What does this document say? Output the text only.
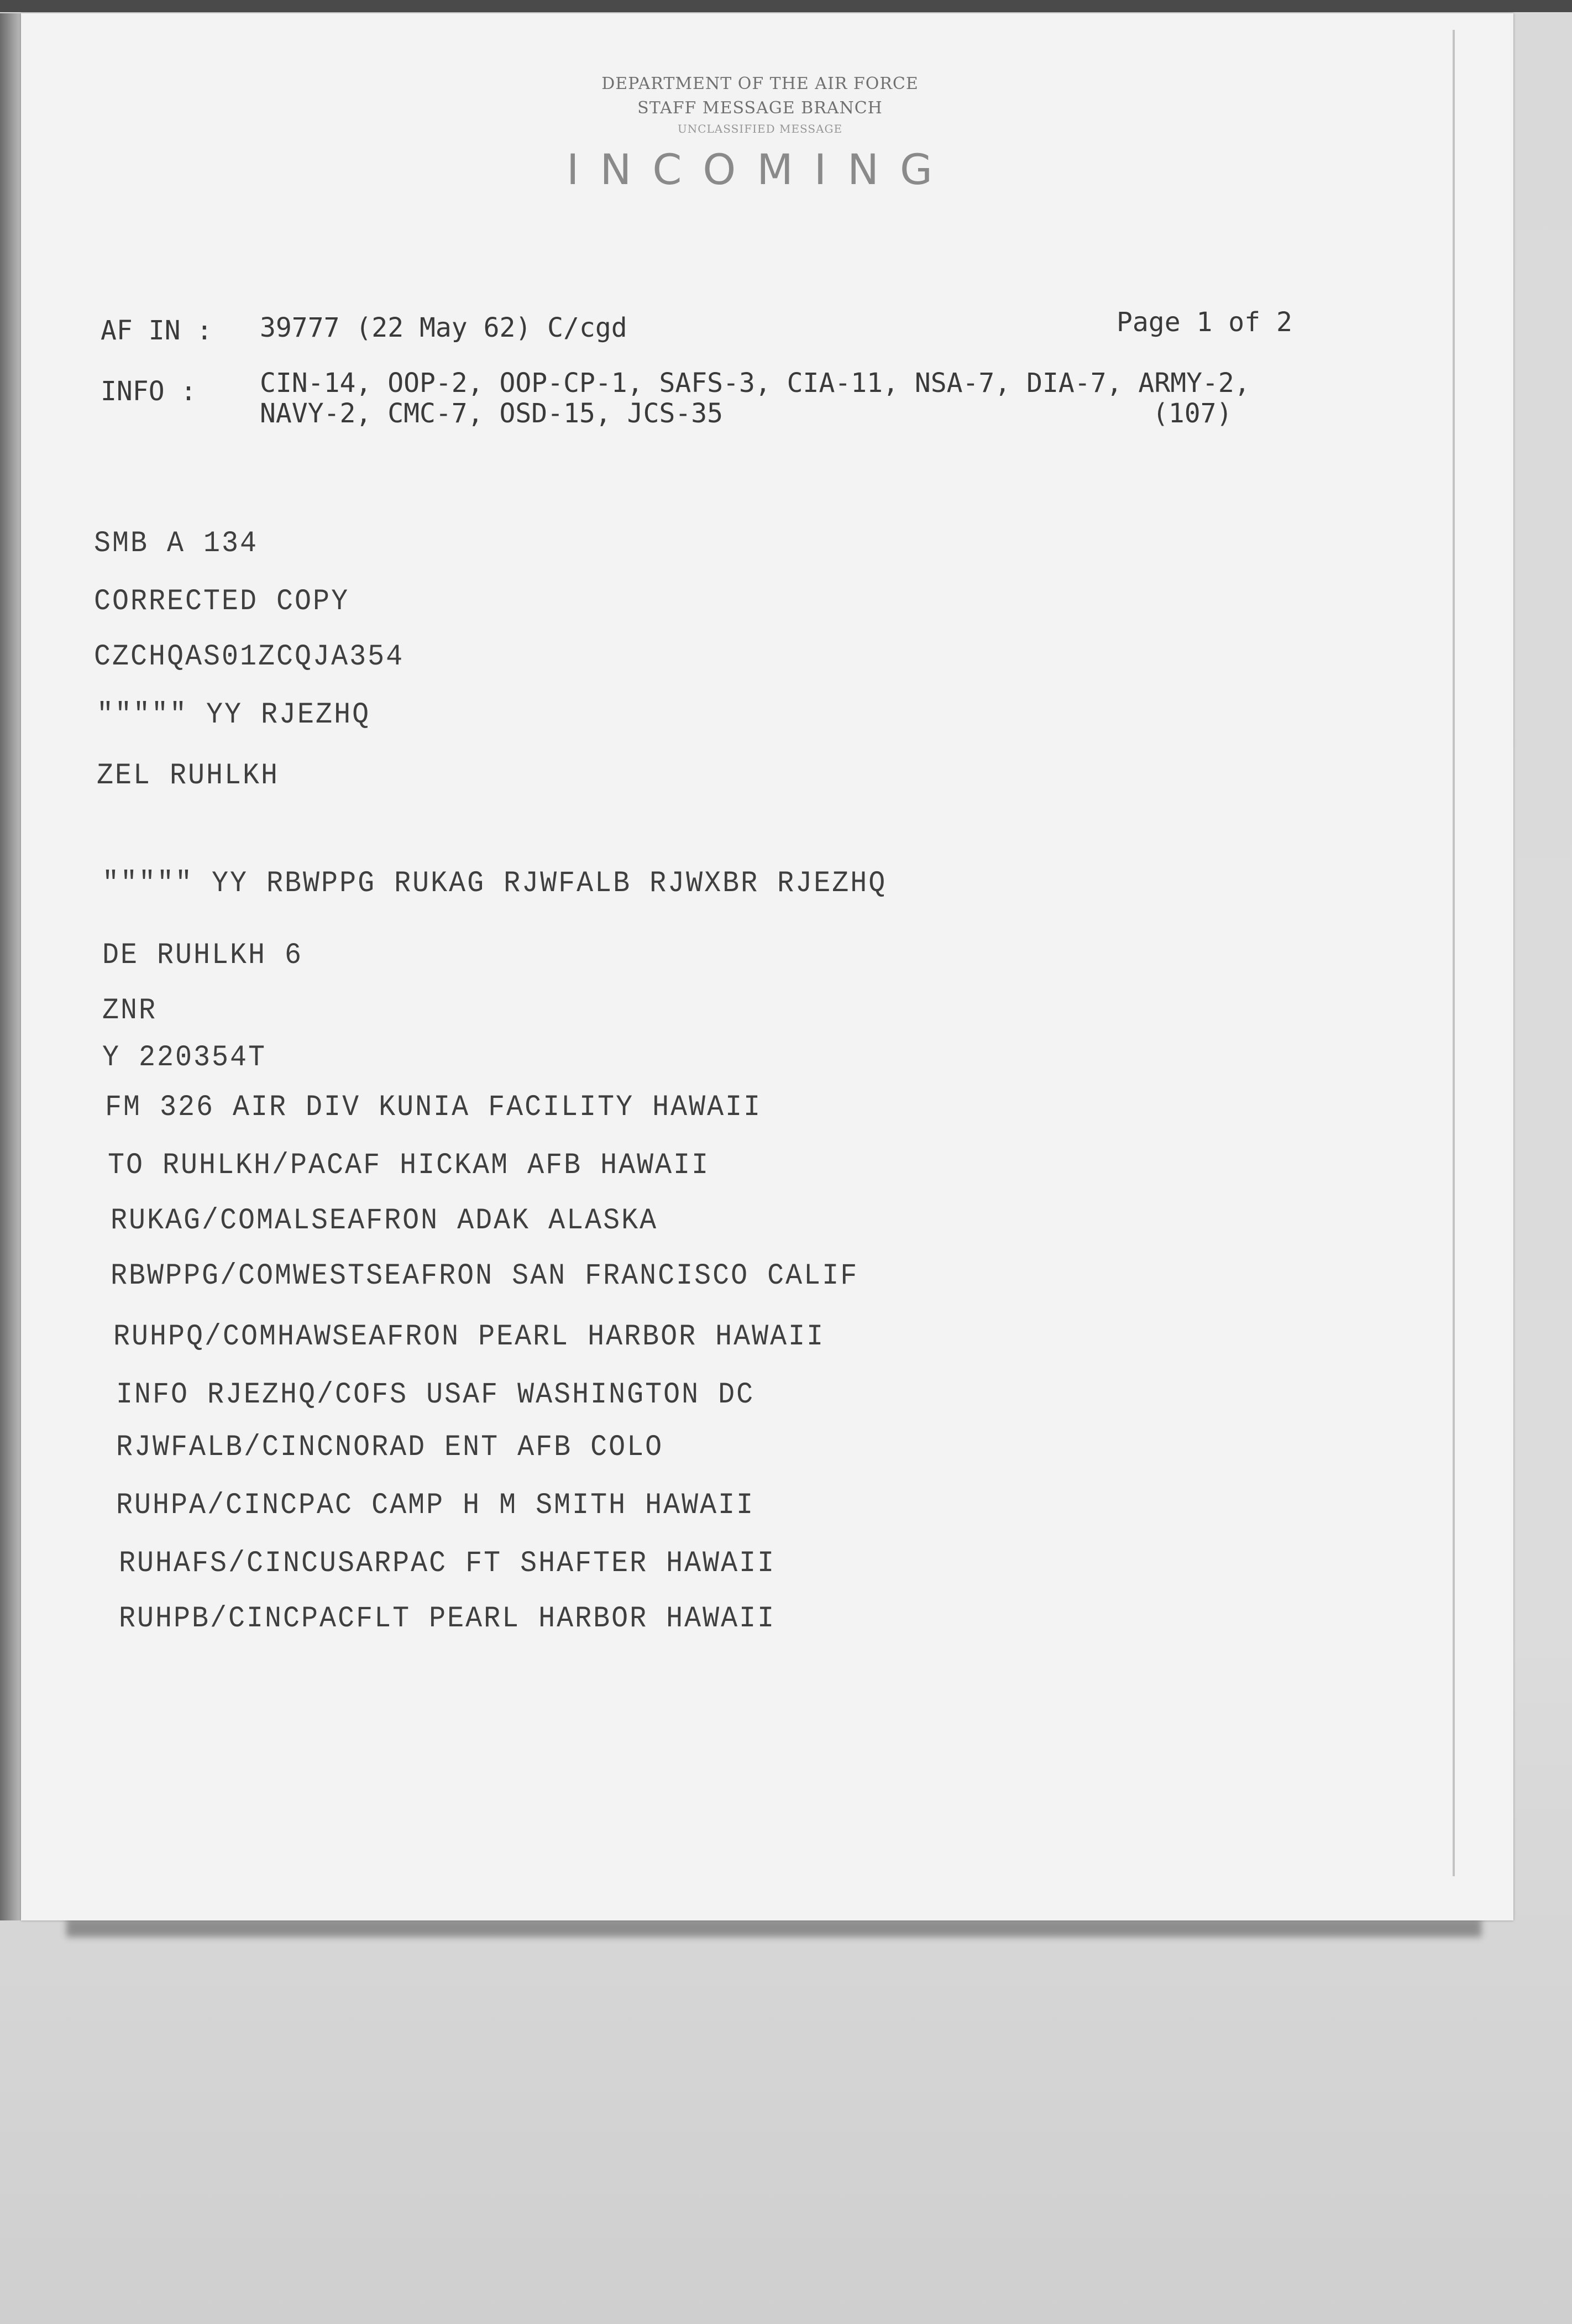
DEPARTMENT OF THE AIR FORCE
STAFF MESSAGE BRANCH
UNCLASSIFIED MESSAGE
INCOMING
AF IN : 39777 (22 May 62) C/cgd	Page 1 of 2
INFO : CIN-14, OOP-2, OOP-CP-1, SAFS-3, CIA-11, NSA-7, DIA-7, ARMY-2,
NAVY-2, CMC-7, OSD-15, JCS-35	(107)
SMB A 134
CORRECTED COPY
CZCHQAS01ZCQJA354
""""" YY RJEZHQ
ZEL RUHLKH
""""" YY RBWPPG RUKAG RJWFALB RJWXBR RJEZHQ
DE RUHLKH 6
ZNR
Y 220354T
FM 326 AIR DIV KUNIA FACILITY HAWAII
TO RUHLKH/PACAF HICKAM AFB HAWAII
RUKAG/COMALSEAFRON ADAK ALASKA
RBWPPG/COMWESTSEAFRON SAN FRANCISCO CALIF
RUHPQ/COMHAWSEAFRON PEARL HARBOR HAWAII
INFO RJEZHQ/COFS USAF WASHINGTON DC
RJWFALB/CINCNORAD ENT AFB COLO
RUHPA/CINCPAC CAMP H M SMITH HAWAII
RUHAFS/CINCUSARPAC FT SHAFTER HAWAII
RUHPB/CINCPACFLT PEARL HARBOR HAWAII
